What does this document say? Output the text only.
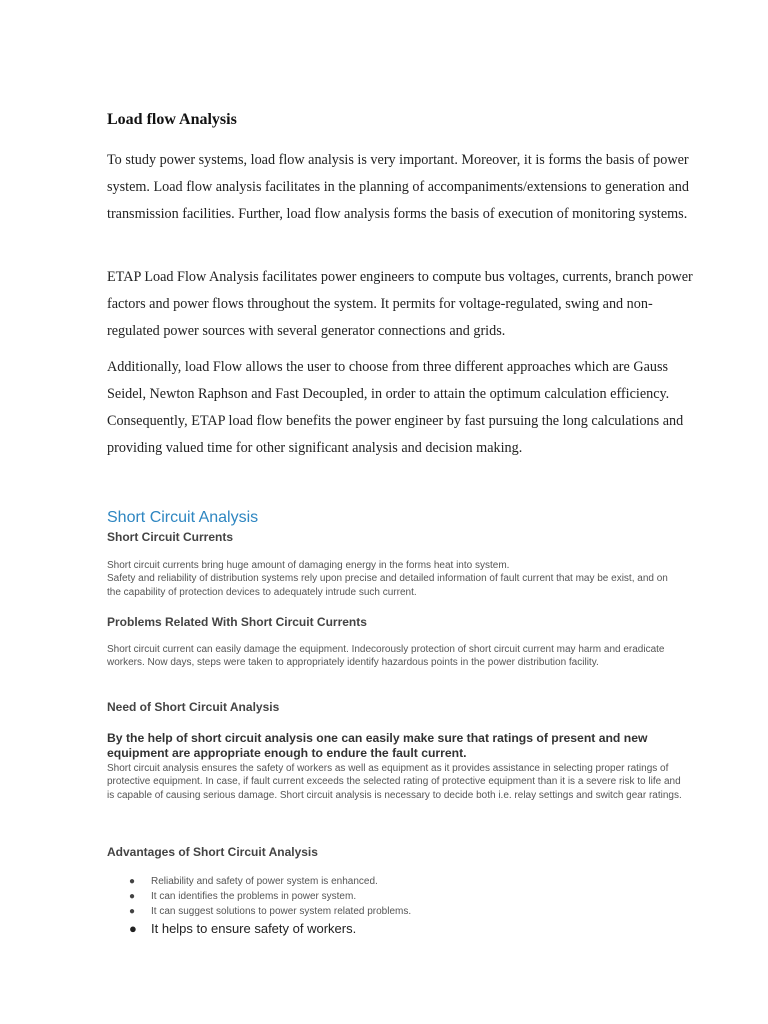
Load flow Analysis
To study power systems, load flow analysis is very important. Moreover, it is forms the basis of power system. Load flow analysis facilitates in the planning of accompaniments/extensions to generation and transmission facilities. Further, load flow analysis forms the basis of execution of monitoring systems.
ETAP Load Flow Analysis facilitates power engineers to compute bus voltages, currents, branch power factors and power flows throughout the system. It permits for voltage-regulated, swing and non-regulated power sources with several generator connections and grids.
Additionally, load Flow allows the user to choose from three different approaches which are Gauss Seidel, Newton Raphson and Fast Decoupled, in order to attain the optimum calculation efficiency. Consequently, ETAP load flow benefits the power engineer by fast pursuing the long calculations and providing valued time for other significant analysis and decision making.
Short Circuit Analysis
Short Circuit Currents
Short circuit currents bring huge amount of damaging energy in the forms heat into system.
Safety and reliability of distribution systems rely upon precise and detailed information of fault current that may be exist, and on the capability of protection devices to adequately intrude such current.
Problems Related With Short Circuit Currents
Short circuit current can easily damage the equipment. Indecorously protection of short circuit current may harm and eradicate workers. Now days, steps were taken to appropriately identify hazardous points in the power distribution facility.
Need of Short Circuit Analysis
By the help of short circuit analysis one can easily make sure that ratings of present and new equipment are appropriate enough to endure the fault current.
Short circuit analysis ensures the safety of workers as well as equipment as it provides assistance in selecting proper ratings of protective equipment. In case, if fault current exceeds the selected rating of protective equipment than it is a severe risk to life and is capable of causing serious damage. Short circuit analysis is necessary to decide both i.e. relay settings and switch gear ratings.
Advantages of Short Circuit Analysis
● Reliability and safety of power system is enhanced.
● It can identifies the problems in power system.
● It can suggest solutions to power system related problems.
● It helps to ensure safety of workers.
